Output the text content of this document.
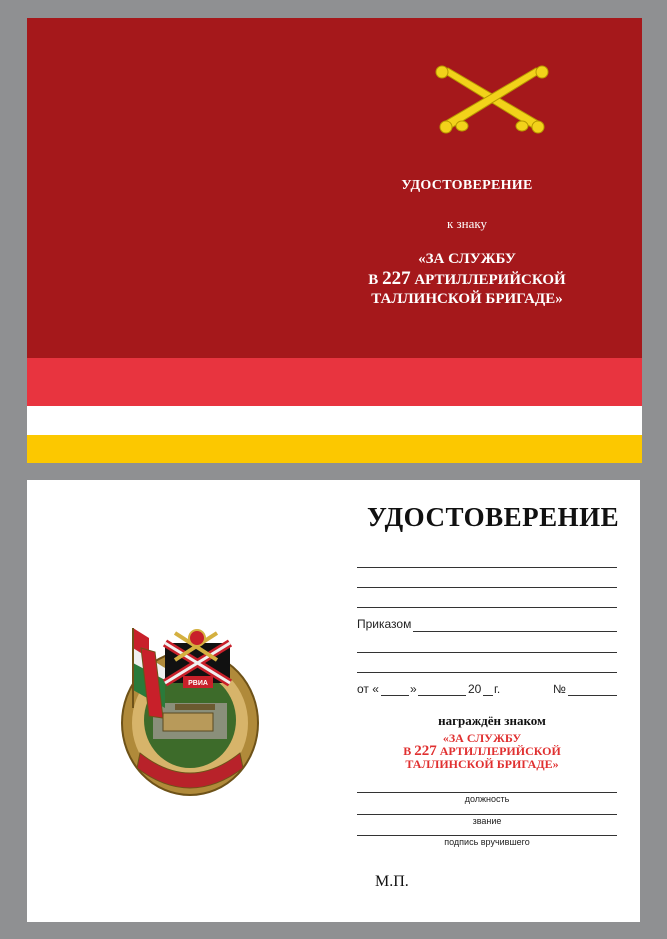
УДОСТОВЕРЕНИЕ
к знаку
«ЗА СЛУЖБУ
В 227 АРТИЛЛЕРИЙСКОЙ
ТАЛЛИНСКОЙ БРИГАДЕ»
РВИА
УДОСТОВЕРЕНИЕ
Приказом
от «	»	20 г.	№
награждён знаком
«ЗА СЛУЖБУ
В 227 АРТИЛЛЕРИЙСКОЙ
ТАЛЛИНСКОЙ БРИГАДЕ»
должность
звание
подпись вручившего
М.П.
